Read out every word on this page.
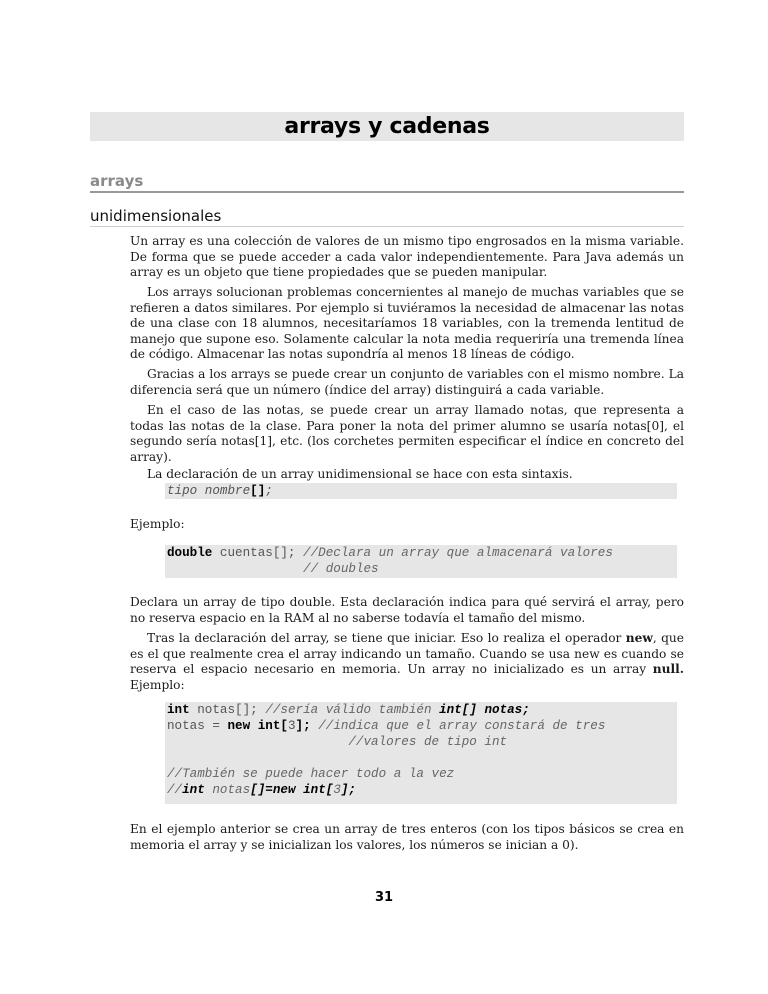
arrays y cadenas
arrays
unidimensionales

Un array es una colección de valores de un mismo tipo engrosados en la misma variable. De forma que se puede acceder a cada valor independientemente. Para Java además un array es un objeto que tiene propiedades que se pueden manipular.

Los arrays solucionan problemas concernientes al manejo de muchas variables que se refieren a datos similares. Por ejemplo si tuviéramos la necesidad de almacenar las notas de una clase con 18 alumnos, necesitaríamos 18 variables, con la tremenda lentitud de manejo que supone eso. Solamente calcular la nota media requeriría una tremenda línea de código. Almacenar las notas supondría al menos 18 líneas de código.

Gracias a los arrays se puede crear un conjunto de variables con el mismo nombre. La diferencia será que un número (índice del array) distinguirá a cada variable.

En el caso de las notas, se puede crear un array llamado notas, que representa a todas las notas de la clase. Para poner la nota del primer alumno se usaría notas[0], el segundo sería notas[1], etc. (los corchetes permiten especificar el índice en concreto del array).

La declaración de un array unidimensional se hace con esta sintaxis.

tipo nombre[];

Ejemplo:

double cuentas[]; //Declara un array que almacenará valores
// doubles

Declara un array de tipo double. Esta declaración indica para qué servirá el array, pero no reserva espacio en la RAM al no saberse todavía el tamaño del mismo.

Tras la declaración del array, se tiene que iniciar. Eso lo realiza el operador new, que es el que realmente crea el array indicando un tamaño. Cuando se usa new es cuando se reserva el espacio necesario en memoria. Un array no inicializado es un array null. Ejemplo:

int notas[]; //sería válido también int[] notas;
notas = new int[3]; //indica que el array constará de tres
//valores de tipo int

//También se puede hacer todo a la vez
//int notas[]=new int[3];

En el ejemplo anterior se crea un array de tres enteros (con los tipos básicos se crea en memoria el array y se inicializan los valores, los números se inician a 0).

31
